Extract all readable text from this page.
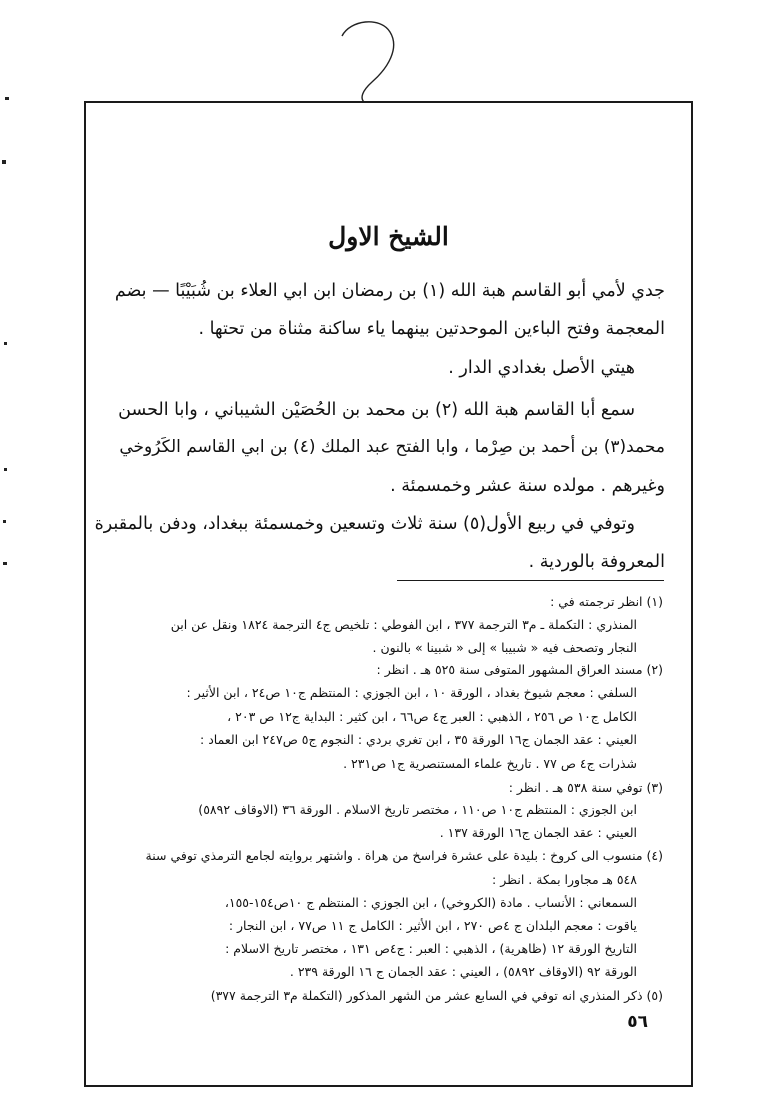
الشيخ الاول

جدي لأمي أبو القاسم هبة الله (١) بن رمضان ابن ابي العلاء بن شُبَيْبًا — بضم

المعجمة وفتح الباءين الموحدتين بينهما ياء ساكنة مثناة من تحتها .

هيتي الأصل بغدادي الدار .

سمع أبا القاسم هبة الله (٢) بن محمد بن الحُصَيْن الشيباني ، وابا الحسن

محمد(٣) بن أحمد بن صِرْما ، وابا الفتح عبد الملك (٤) بن ابي القاسم الكَرُوخي

وغيرهم . مولده سنة عشر وخمسمئة .

وتوفي في ربيع الأول(٥) سنة ثلاث وتسعين وخمسمئة ببغداد، ودفن بالمقبرة

المعروفة بالوردية .

(١) انظر ترجمته في :

المنذري : التكملة ـ م٣ الترجمة ٣٧٧ ، ابن الفوطي : تلخيص ج٤ الترجمة ١٨٢٤ ونقل عن ابن

النجار وتصحف فيه « شبيبا » إلى « شبينا » بالنون .

(٢) مسند العراق المشهور المتوفى سنة ٥٢٥ هـ . انظر :

السلفي : معجم شيوخ بغداد ، الورقة ١٠ ، ابن الجوزي : المنتظم ج١٠ ص٢٤ ، ابن الأثير :

الكامل ج١٠ ص ٢٥٦ ، الذهبي : العبر ج٤ ص٦٦ ، ابن كثير : البداية ج١٢ ص ٢٠٣ ،

العيني : عقد الجمان ج١٦ الورقة ٣٥ ، ابن تغري بردي : النجوم ج٥ ص٢٤٧ ابن العماد :

شذرات ج٤ ص ٧٧ . تاريخ علماء المستنصرية ج١ ص٢٣١ .

(٣) توفي سنة ٥٣٨ هـ . انظر :

ابن الجوزي : المنتظم ج١٠ ص١١٠ ، مختصر تاريخ الاسلام . الورقة ٣٦ (الاوقاف ٥٨٩٢)

العيني : عقد الجمان ج١٦ الورقة ١٣٧ .

(٤) منسوب الى كروخ : بليدة على عشرة فراسخ من هراة . واشتهر بروايته لجامع الترمذي توفي سنة

٥٤٨ هـ مجاورا بمكة . انظر :

السمعاني : الأنساب . مادة (الكروخي) ، ابن الجوزي : المنتظم ج ١٠ص١٥٤-١٥٥،

ياقوت : معجم البلدان ج ٤ص ٢٧٠ ، ابن الأثير : الكامل ج ١١ ص٧٧ ، ابن النجار :

التاريخ الورقة ١٢ (ظاهرية) ، الذهبي : العبر : ج٤ص ١٣١ ، مختصر تاريخ الاسلام :

الورقة ٩٢ (الاوقاف ٥٨٩٢) ، العيني : عقد الجمان ج ١٦ الورقة ٢٣٩ .

(٥) ذكر المنذري انه توفي في السابع عشر من الشهر المذكور (التكملة م٣ الترجمة ٣٧٧)

٥٦
